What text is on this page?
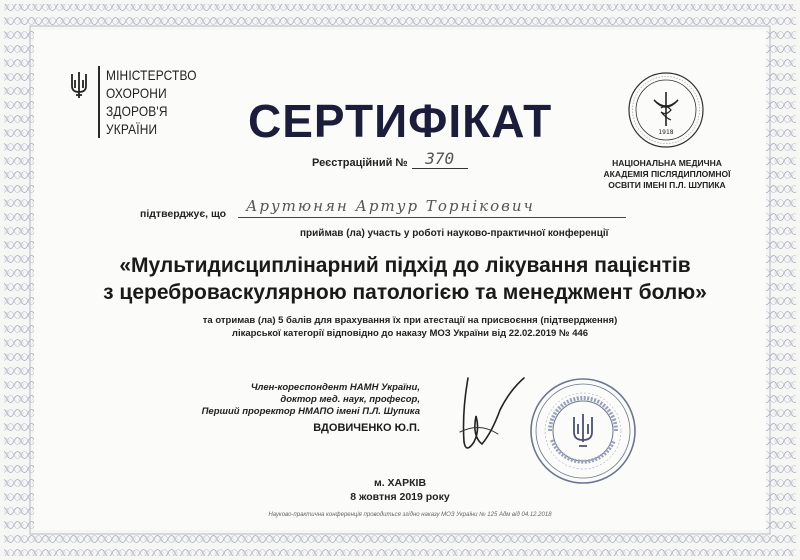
МІНІСТЕРСТВО
ОХОРОНИ
ЗДОРОВ'Я
УКРАЇНИ	СЕРТИФІКАТ
Реєстраційний №	370
1918
НАЦІОНАЛЬНА МЕДИЧНА
АКАДЕМІЯ ПІСЛЯДИПЛОМНОЇ
ОСВІТИ ІМЕНІ П.Л. ШУПИКА
підтверджує, що	Арутюнян Артур Торнікович
приймав (ла) участь у роботі науково-практичної конференції
«Мультидисциплінарний підхід до лікування пацієнтів
з цереброваскулярною патологією та менеджмент болю»
та отримав (ла) 5 балів для врахування їх при атестації на присвоєння (підтвердження)
лікарської категорії відповідно до наказу МОЗ України від 22.02.2019 № 446
Член-кореспондент НАМН України,
доктор мед. наук, професор,
Перший проректор НМАПО імені П.Л. Шупика
ВДОВИЧЕНКО Ю.П.
м. ХАРКІВ
8 жовтня 2019 року
Науково-практична конференція проводиться згідно наказу МОЗ України № 125 Адм від 04.12.2018
